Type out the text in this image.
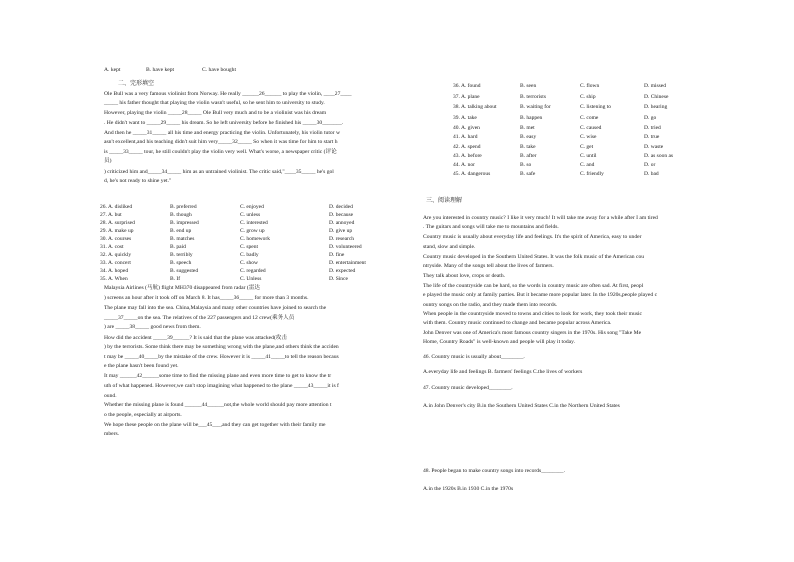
A. kept	B. have kept	C. have bought
二、完形填空
Ole Bull was a very famous violinist from Norway. He really ______26______ to play the violin, ____27____
_____ his father thought that playing the violin wasn't useful, so he sent him to university to study.
However, playing the violin _____28_____ Ole Bull very much and to be a violinist was his dream
. He didn't want to _____29_____ his dream. So he left university before he finished his _____30_______.
And then he _____31_____ all his time and energy practicing the violin. Unfortunately, his violin tutor w
asn't excellent,and his teaching didn't suit him very_____32_____ So when it was time for him to start h
is _____33_____ tour, he still couldn't play the violin very well. What's worse, a newspaper critic (评论
员)
) criticized him and_____34_____ him as an untrained violinist. The critic said,"____35_____ he's gol
d, he's not ready to shine yet."
26. A. disliked	B. preferred	C. enjoyed	D. decided
27. A. but	B. though	C. unless	D. because
28. A. surprised	B. impressed	C. interested	D. annoyed
29. A. make up	B. end up	C. grow up	D. give up
30. A. courses	B. matches	C. homework	D. research
31. A. cost	B. paid	C. spent	D. volunteered
32. A. quickly	B. terribly	C. badly	D. fine
33. A. concert	B. speech	C. show	D. entertainment
34. A. hoped	B. suggested	C. regarded	D. expected
35. A. When	B. If	C. Unless	D. Since
Malaysia Airlines (马航) flight MH370 disappeared from radar (雷达
) screens an hour after it took off on March 8. It has_____36_____ for more than 3 months.
The plane may fall into the sea. China,Malaysia and many other countries have joined to search the
_____37_____on the sea. The relatives of the 227 passengers and 12 crew(乘务人员
) are _____38_____ good news from them.
How did the accident _____39______? It is said that the plane was attacked(攻击
) by the terrorists. Some think there may be something wrong with the plane,and others think the acciden
t may be _____40_____by the mistake of the crew. However it is _____41_____to tell the reason becaus
e the plane hasn't been found yet.
It may ______42______some time to find the missing plane and even more time to get to know the tr
uth of what happened. However,we can't stop imagining what happened to the plane _____43_____it is f
ound.
Whether the missing plane is found ______44______not,the whole world should pay more attention t
o the people, especially at airports.
We hope these people on the plane will be___45___,and they can get together with their family me
mbers.
36. A. found	B. seen	C. flown	D. missed
37. A. plane	B. terrorists	C. ship	D. Chinese
38. A. talking about	B. waiting for	C. listening to	D. hearing
39. A. take	B. happen	C. come	D. go
40. A. given	B. met	C. caused	D. tried
41. A. hard	B. easy	C. wise	D. true
42. A. spend	B. take	C. get	D. waste
43. A. before	B. after	C. until	D. as soon as
44. A. nor	B. so	C. and	D. or
45. A. dangerous	B. safe	C. friendly	D. bad
三、阅读理解
Are you interested in country music? I like it very much! It will take me away for a while after I am tired
. The guitars and songs will take me to mountains and fields.
Country music is usually about everyday life and feelings. It's the spirit of America, easy to under
stand, slow and simple.
Country music developed in the Southern United States. It was the folk music of the American cou
ntryside. Many of the songs tell about the lives of farmers.
They talk about love, crops or death.
The life of the countryside can be hard, so the words in country music are often sad. At first, peopl
e played the music only at family parties. But it became more popular later. In the 1920s,people played c
ountry songs on the radio, and they made them into records.
When people in the countryside moved to towns and cities to look for work, they took their music
with them. Country music continued to change and became popular across America.
John Denver was one of America's most famous country singers in the 1970s. His song "Take Me
Home, Country Roads" is well-known and people will play it today.
46. Country music is usually about________.
A.everyday life and feelings B. farmers' feelings C.the lives of workers
47. Country music developed________.
A.in John Denver's city B.in the Southern United States C.in the Northern United States
48. People began to make country songs into records________.
A.in the 1920s B.in 1930 C.in the 1970s
